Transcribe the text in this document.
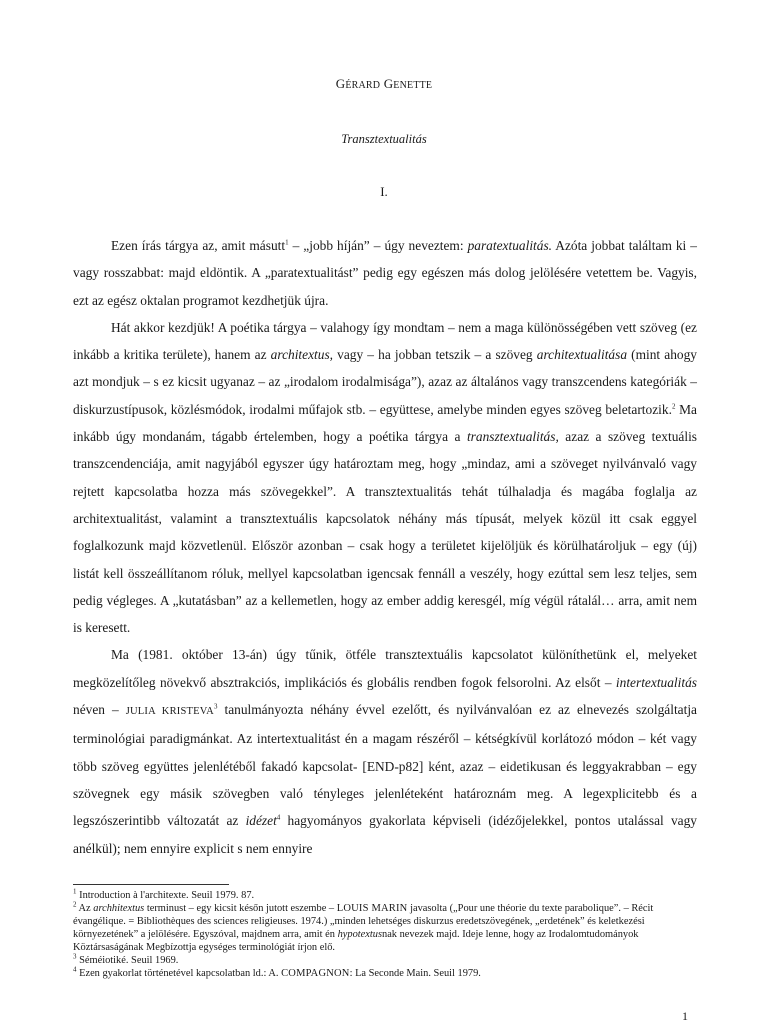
GÉRARD GENETTE
Transztextualitás
I.

Ezen írás tárgya az, amit másutt$^1$ – „jobb híján” – úgy neveztem: paratextualitás. Azóta jobbat találtam ki – vagy rosszabbat: majd eldöntik. A „paratextualitást” pedig egy egészen más dolog jelölésére vetettem be. Vagyis, ezt az egész oktalan programot kezdhetjük újra.

Hát akkor kezdjük! A poétika tárgya – valahogy így mondtam – nem a maga különösségében vett szöveg (ez inkább a kritika területe), hanem az architextus, vagy – ha jobban tetszik – a szöveg architextualitása (mint ahogy azt mondjuk – s ez kicsit ugyanaz – az „irodalom irodalmisága”), azaz az általános vagy transzcendens kategóriák – diskurzustípusok, közlésmódok, irodalmi műfajok stb. – együttese, amelybe minden egyes szöveg beletartozik.$^2$ Ma inkább úgy mondanám, tágabb értelemben, hogy a poétika tárgya a transztextualitás, azaz a szöveg textuális transzcendenciája, amit nagyjából egyszer úgy határoztam meg, hogy „mindaz, ami a szöveget nyilvánvaló vagy rejtett kapcsolatba hozza más szövegekkel”. A transztextualitás tehát túlhaladja és magába foglalja az architextualitást, valamint a transztextuális kapcsolatok néhány más típusát, melyek közül itt csak eggyel foglalkozunk majd közvetlenül. Először azonban – csak hogy a területet kijelöljük és körülhatároljuk – egy (új) listát kell összeállítanom róluk, mellyel kapcsolatban igencsak fennáll a veszély, hogy ezúttal sem lesz teljes, sem pedig végleges. A „kutatásban” az a kellemetlen, hogy az ember addig keresgél, míg végül rátalál… arra, amit nem is keresett.

Ma (1981. október 13-án) úgy tűnik, ötféle transztextuális kapcsolatot különíthetünk el, melyeket megközelítőleg növekvő absztrakciós, implikációs és globális rendben fogok felsorolni. Az elsőt – intertextualitás néven – JULIA KRISTEVA$^3$ tanulmányozta néhány évvel ezelőtt, és nyilvánvalóan ez az elnevezés szolgáltatja terminológiai paradigmánkat. Az intertextualitást én a magam részéről – kétségkívül korlátozó módon – két vagy több szöveg együttes jelenlétéből fakadó kapcsolat- [END-p82] ként, azaz – eidetikusan és leggyakrabban – egy szövegnek egy másik szövegben való tényleges jelenléteként határoznám meg. A legexplicitebb és a legszószerintibb változatát az idézet$^4$ hagyományos gyakorlata képviseli (idézőjelekkel, pontos utalással vagy anélkül); nem ennyire explicit s nem ennyire

$^1$ Introduction à l'architexte. Seuil 1979. 87.

$^2$ Az archhitextus terminust – egy kicsit későn jutott eszembe – LOUIS MARIN javasolta („Pour une théorie du texte parabolique”. – Récit évangélique. = Bibliothèques des sciences religieuses. 1974.) „minden lehetséges diskurzus eredetszövegének, „erdetének” és keletkezési környezetének” a jelölésére. Egyszóval, majdnem arra, amit én hypotextusnak nevezek majd. Ideje lenne, hogy az Irodalomtudományok Köztársaságának Megbízottja egységes terminológiát írjon elő.

$^3$ Séméiotiké. Seuil 1969.

$^4$ Ezen gyakorlat történetével kapcsolatban ld.: A. COMPAGNON: La Seconde Main. Seuil 1979.

1
